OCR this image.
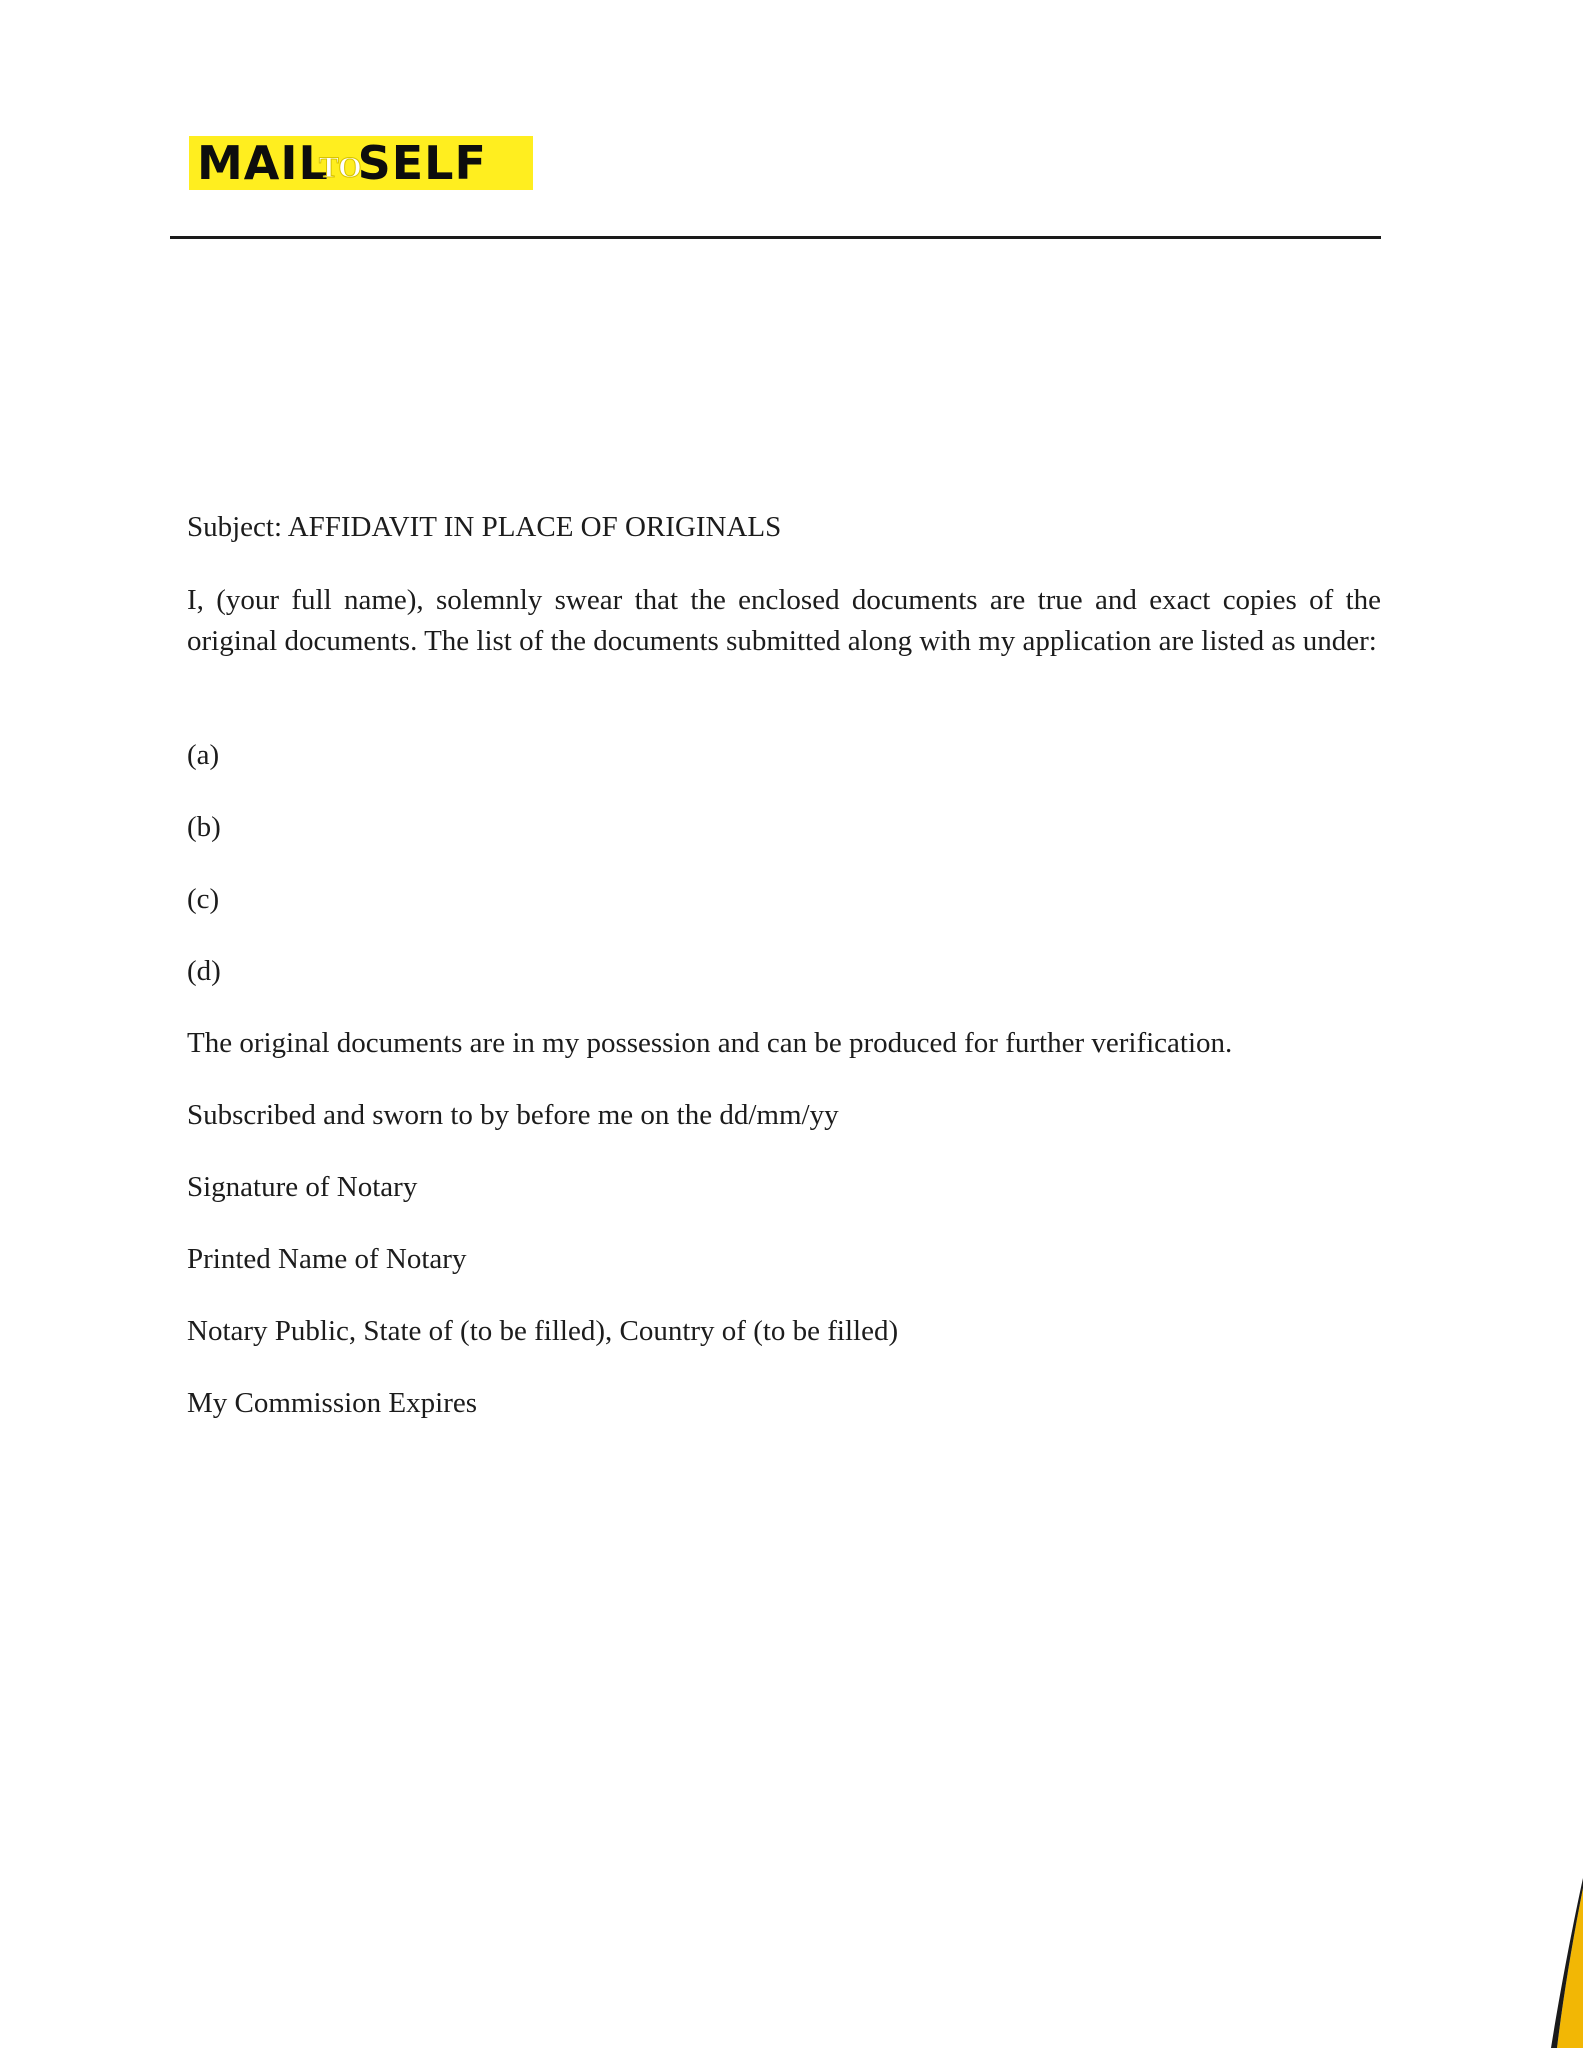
MAILTOSELF

Subject: AFFIDAVIT IN PLACE OF ORIGINALS

I, (your full name), solemnly swear that the enclosed documents are true and exact copies of the original documents. The list of the documents submitted along with my application are listed as under:

(a)

(b)

(c)

(d)

The original documents are in my possession and can be produced for further verification.

Subscribed and sworn to by before me on the dd/mm/yy

Signature of Notary

Printed Name of Notary

Notary Public, State of (to be filled), Country of (to be filled)

My Commission Expires
